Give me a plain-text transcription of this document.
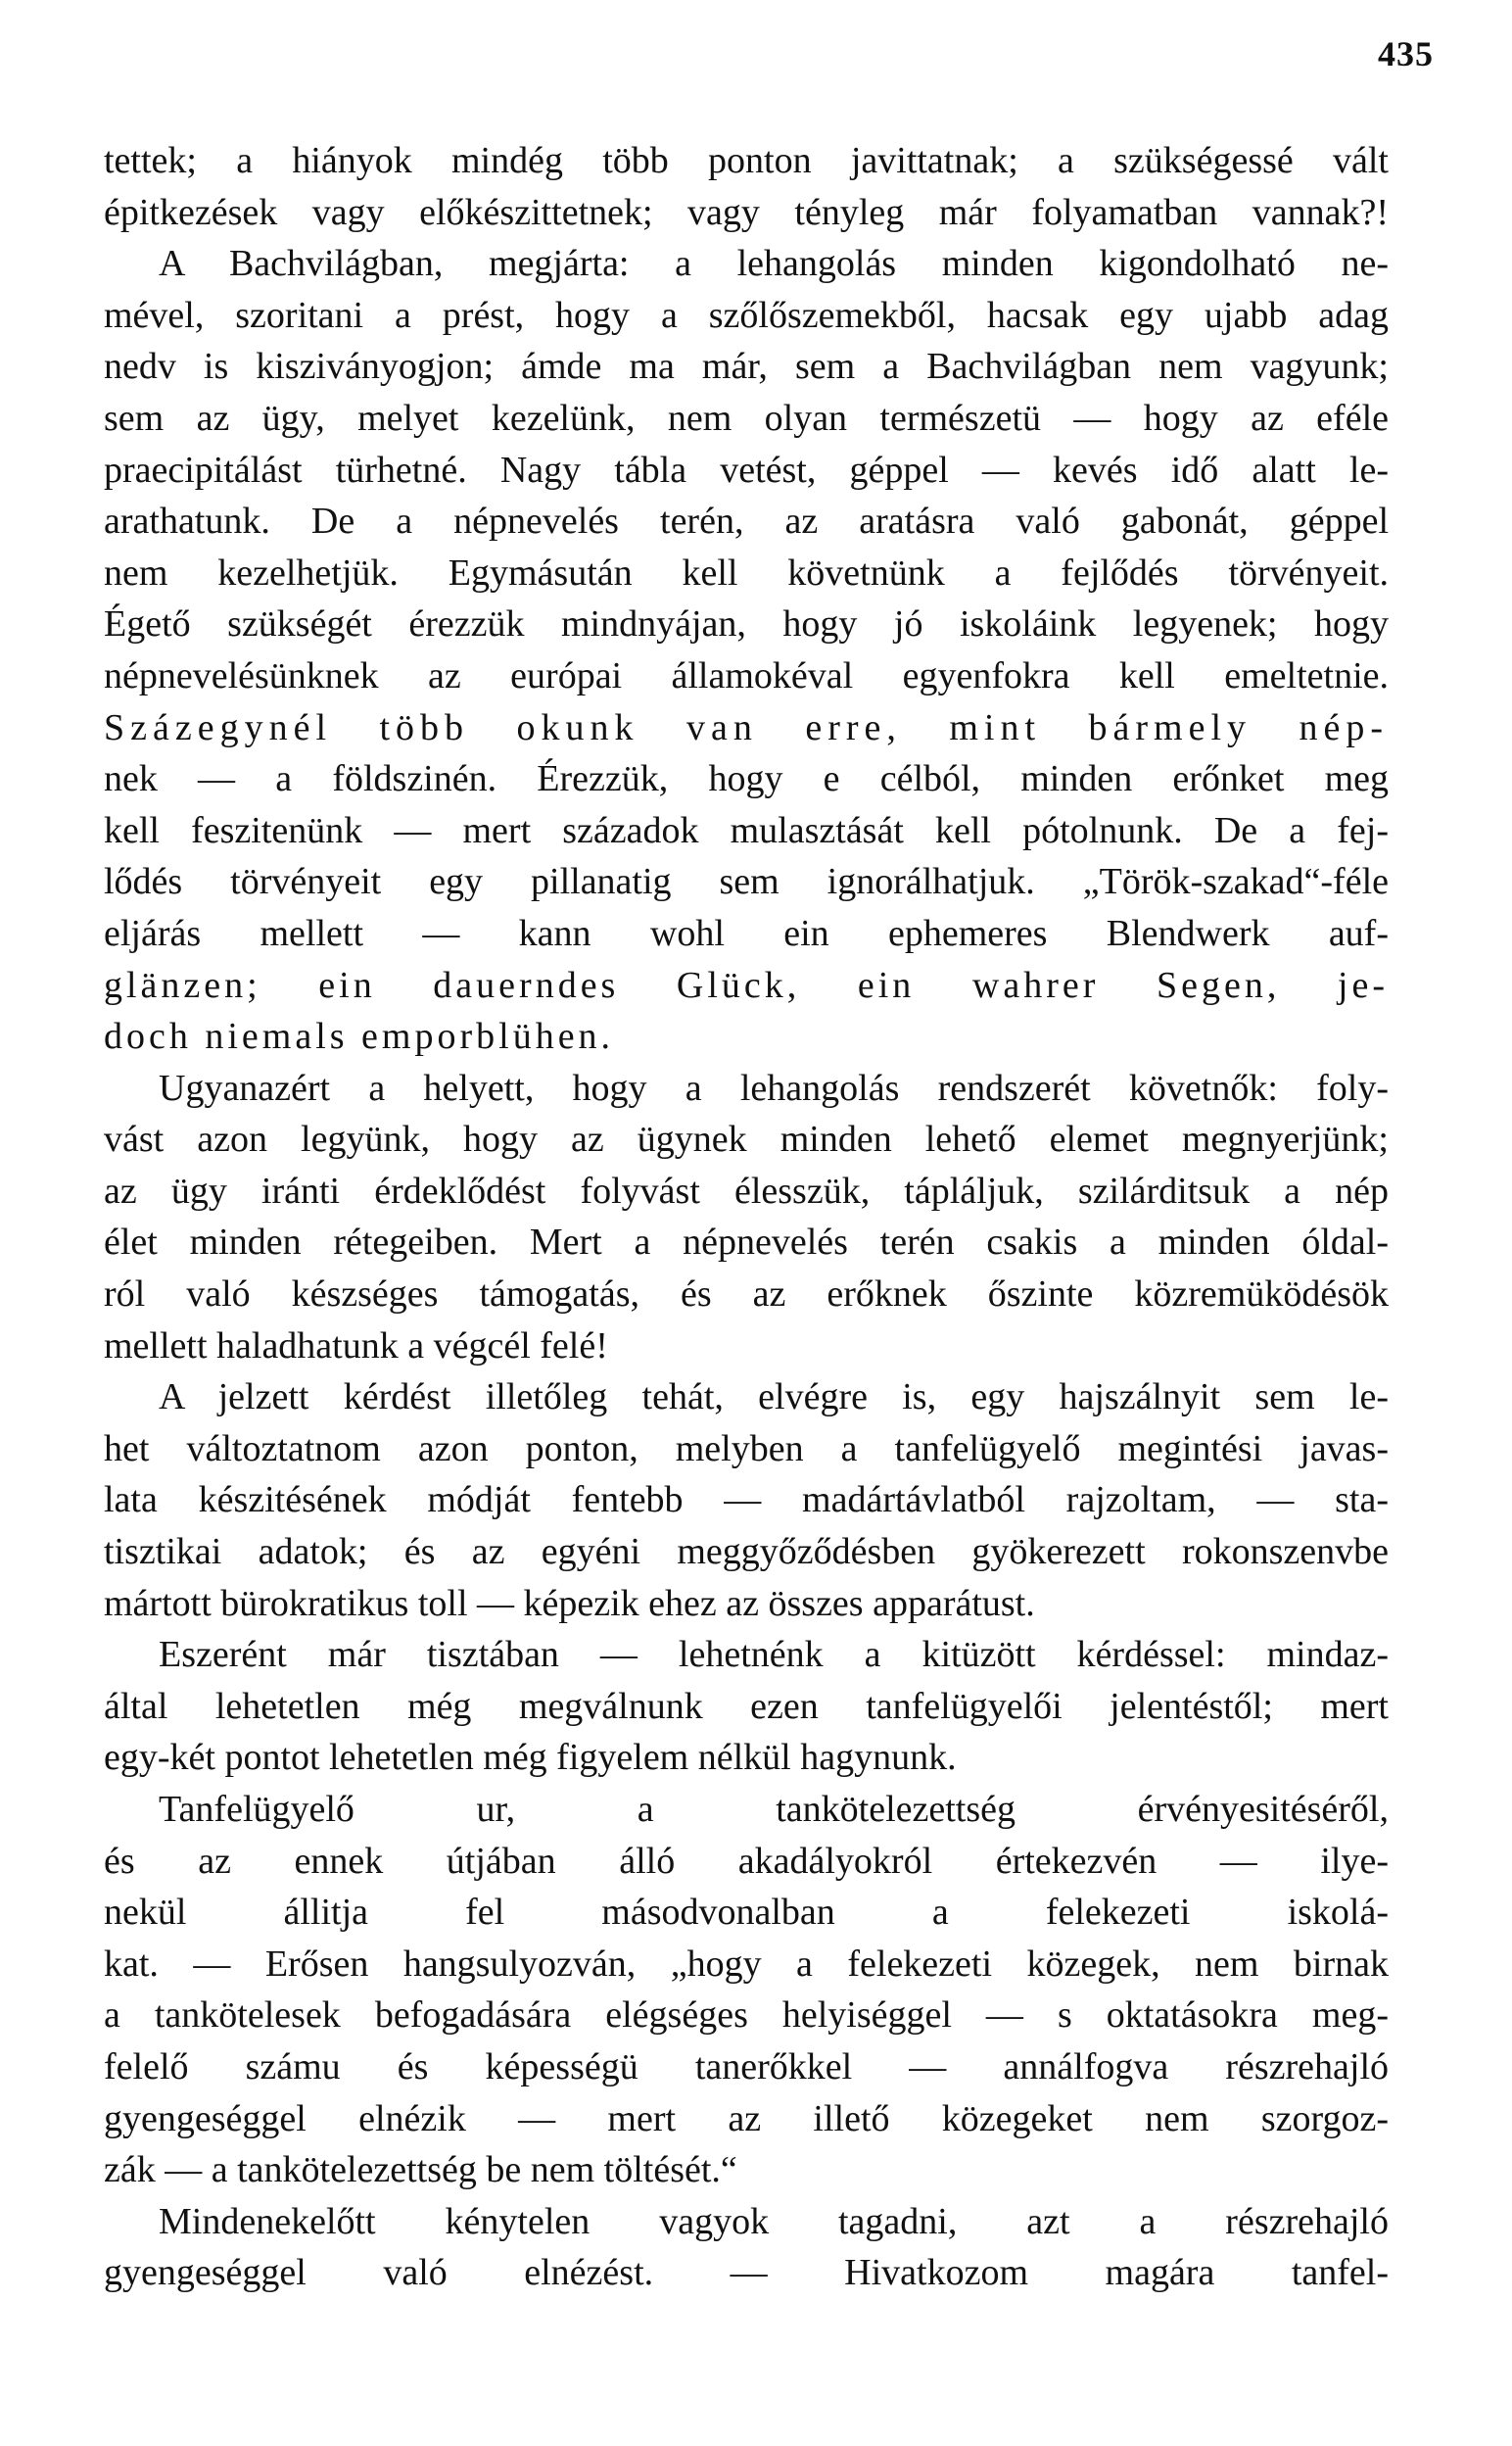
435
tettek; a hiányok mindég több ponton javittatnak; a szükségessé vált
épitkezések vagy előkészittetnek; vagy tényleg már folyamatban vannak?!
A Bachvilágban, megjárta: a lehangolás minden kigondolható ne-
mével, szoritani a prést, hogy a szőlőszemekből, hacsak egy ujabb adag
nedv is kisziványogjon; ámde ma már, sem a Bachvilágban nem vagyunk;
sem az ügy, melyet kezelünk, nem olyan természetü — hogy az eféle
praecipitálást türhetné. Nagy tábla vetést, géppel — kevés idő alatt le-
arathatunk. De a népnevelés terén, az aratásra való gabonát, géppel
nem kezelhetjük. Egymásután kell követnünk a fejlődés törvényeit.
Égető szükségét érezzük mindnyájan, hogy jó iskoláink legyenek; hogy
népnevelésünknek az európai államokéval egyenfokra kell emeltetnie.
Százegynél több okunk van erre, mint bármely nép-
nek — a földszinén. Érezzük, hogy e célból, minden erőnket meg
kell feszitenünk — mert századok mulasztását kell pótolnunk. De a fej-
lődés törvényeit egy pillanatig sem ignorálhatjuk. „Török-szakad“-féle
eljárás mellett — kann wohl ein ephemeres Blendwerk auf-
glänzen; ein dauerndes Glück, ein wahrer Segen, je-
doch niemals emporblühen.
Ugyanazért a helyett, hogy a lehangolás rendszerét követnők: foly-
vást azon legyünk, hogy az ügynek minden lehető elemet megnyerjünk;
az ügy iránti érdeklődést folyvást élesszük, tápláljuk, szilárditsuk a nép
élet minden rétegeiben. Mert a népnevelés terén csakis a minden óldal-
ról való készséges támogatás, és az erőknek őszinte közremüködésök
mellett haladhatunk a végcél felé!
A jelzett kérdést illetőleg tehát, elvégre is, egy hajszálnyit sem le-
het változtatnom azon ponton, melyben a tanfelügyelő megintési javas-
lata készitésének módját fentebb — madártávlatból rajzoltam, — sta-
tisztikai adatok; és az egyéni meggyőződésben gyökerezett rokonszenvbe
mártott bürokratikus toll — képezik ehez az összes apparátust.
Eszerént már tisztában — lehetnénk a kitüzött kérdéssel: mindaz-
által lehetetlen még megválnunk ezen tanfelügyelői jelentéstől; mert
egy-két pontot lehetetlen még figyelem nélkül hagynunk.
Tanfelügyelő ur, a tankötelezettség érvényesitéséről,
és az ennek útjában álló akadályokról értekezvén — ilye-
nekül állitja fel másodvonalban a felekezeti iskolá-
kat. — Erősen hangsulyozván, „hogy a felekezeti közegek, nem birnak
a tankötelesek befogadására elégséges helyiséggel — s oktatásokra meg-
felelő számu és képességü tanerőkkel — annálfogva részrehajló
gyengeséggel elnézik — mert az illető közegeket nem szorgoz-
zák — a tankötelezettség be nem töltését.“
Mindenekelőtt kénytelen vagyok tagadni, azt a részrehajló
gyengeséggel való elnézést. — Hivatkozom magára tanfel-
